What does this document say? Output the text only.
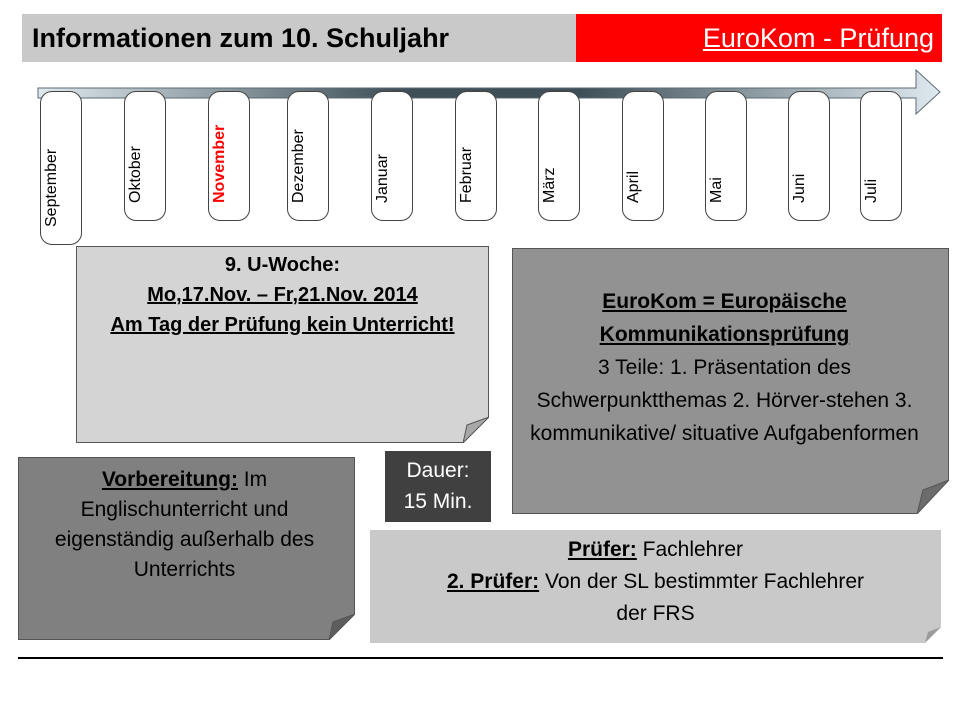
Informationen zum 10. Schuljahr	EuroKom - Prüfung
September	Oktober	November	Dezember	Januar	Februar	März	April	Mai	Juni	Juli
9. U-Woche:
Mo,17.Nov. – Fr,21.Nov. 2014
Am Tag der Prüfung kein Unterricht!
EuroKom = Europäische Kommunikationsprüfung
3 Teile: 1. Präsentation des Schwerpunktthemas 2. Hörver-stehen 3. kommunikative/ situative Aufgabenformen
Vorbereitung: Im Englischunterricht und eigenständig außerhalb des Unterrichts
Dauer:
15 Min.
Prüfer: Fachlehrer
2. Prüfer: Von der SL bestimmter Fachlehrer der FRS
